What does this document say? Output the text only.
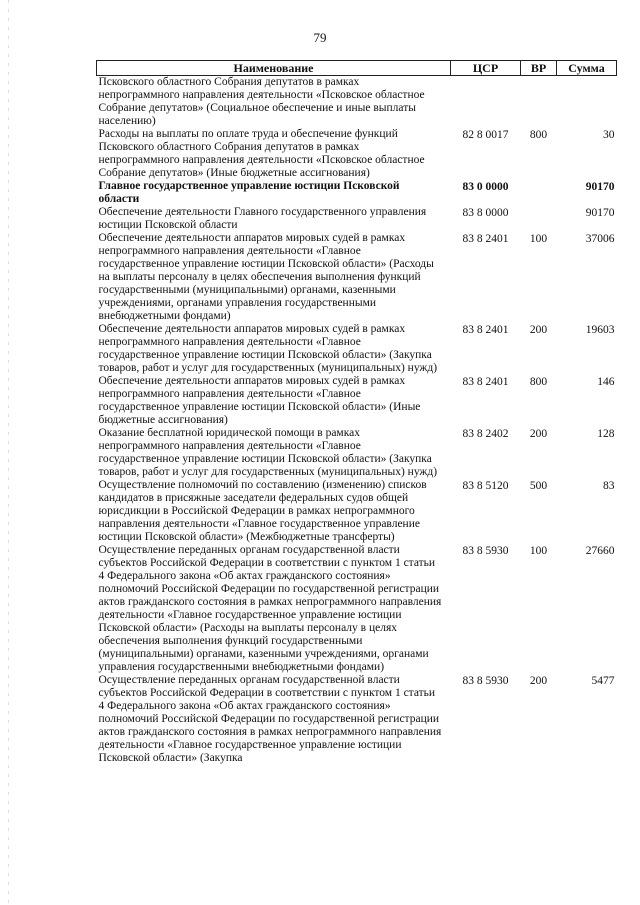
79
Наименование	ЦСР	ВР	Сумма
Псковского областного Собрания депутатов в рамках непрограммного направления деятельности «Псковское областное Собрание депутатов» (Социальное обеспечение и иные выплаты населению)			
Расходы на выплаты по оплате труда и обеспечение функций Псковского областного Собрания депутатов в рамках непрограммного направления деятельности «Псковское областное Собрание депутатов» (Иные бюджетные ассигнования)	82 8 0017	800	30
Главное государственное управление юстиции Псковской области	83 0 0000		90170
Обеспечение деятельности Главного государственного управления юстиции Псковской области	83 8 0000		90170
Обеспечение деятельности аппаратов мировых судей в рамках непрограммного направления деятельности «Главное государственное управление юстиции Псковской области» (Расходы на выплаты персоналу в целях обеспечения выполнения функций государственными (муниципальными) органами, казенными учреждениями, органами управления государственными внебюджетными фондами)	83 8 2401	100	37006
Обеспечение деятельности аппаратов мировых судей в рамках непрограммного направления деятельности «Главное государственное управление юстиции Псковской области» (Закупка товаров, работ и услуг для государственных (муниципальных) нужд)	83 8 2401	200	19603
Обеспечение деятельности аппаратов мировых судей в рамках непрограммного направления деятельности «Главное государственное управление юстиции Псковской области» (Иные бюджетные ассигнования)	83 8 2401	800	146
Оказание бесплатной юридической помощи в рамках непрограммного направления деятельности «Главное государственное управление юстиции Псковской области» (Закупка товаров, работ и услуг для государственных (муниципальных) нужд)	83 8 2402	200	128
Осуществление полномочий по составлению (изменению) списков кандидатов в присяжные заседатели федеральных судов общей юрисдикции в Российской Федерации в рамках непрограммного направления деятельности «Главное государственное управление юстиции Псковской области» (Межбюджетные трансферты)	83 8 5120	500	83
Осуществление переданных органам государственной власти субъектов Российской Федерации в соответствии с пунктом 1 статьи 4 Федерального закона «Об актах гражданского состояния» полномочий Российской Федерации по государственной регистрации актов гражданского состояния в рамках непрограммного направления деятельности «Главное государственное управление юстиции Псковской области» (Расходы на выплаты персоналу в целях обеспечения выполнения функций государственными (муниципальными) органами, казенными учреждениями, органами управления государственными внебюджетными фондами)	83 8 5930	100	27660
Осуществление переданных органам государственной власти субъектов Российской Федерации в соответствии с пунктом 1 статьи 4 Федерального закона «Об актах гражданского состояния» полномочий Российской Федерации по государственной регистрации актов гражданского состояния в рамках непрограммного направления деятельности «Главное государственное управление юстиции Псковской области» (Закупка	83 8 5930	200	5477
